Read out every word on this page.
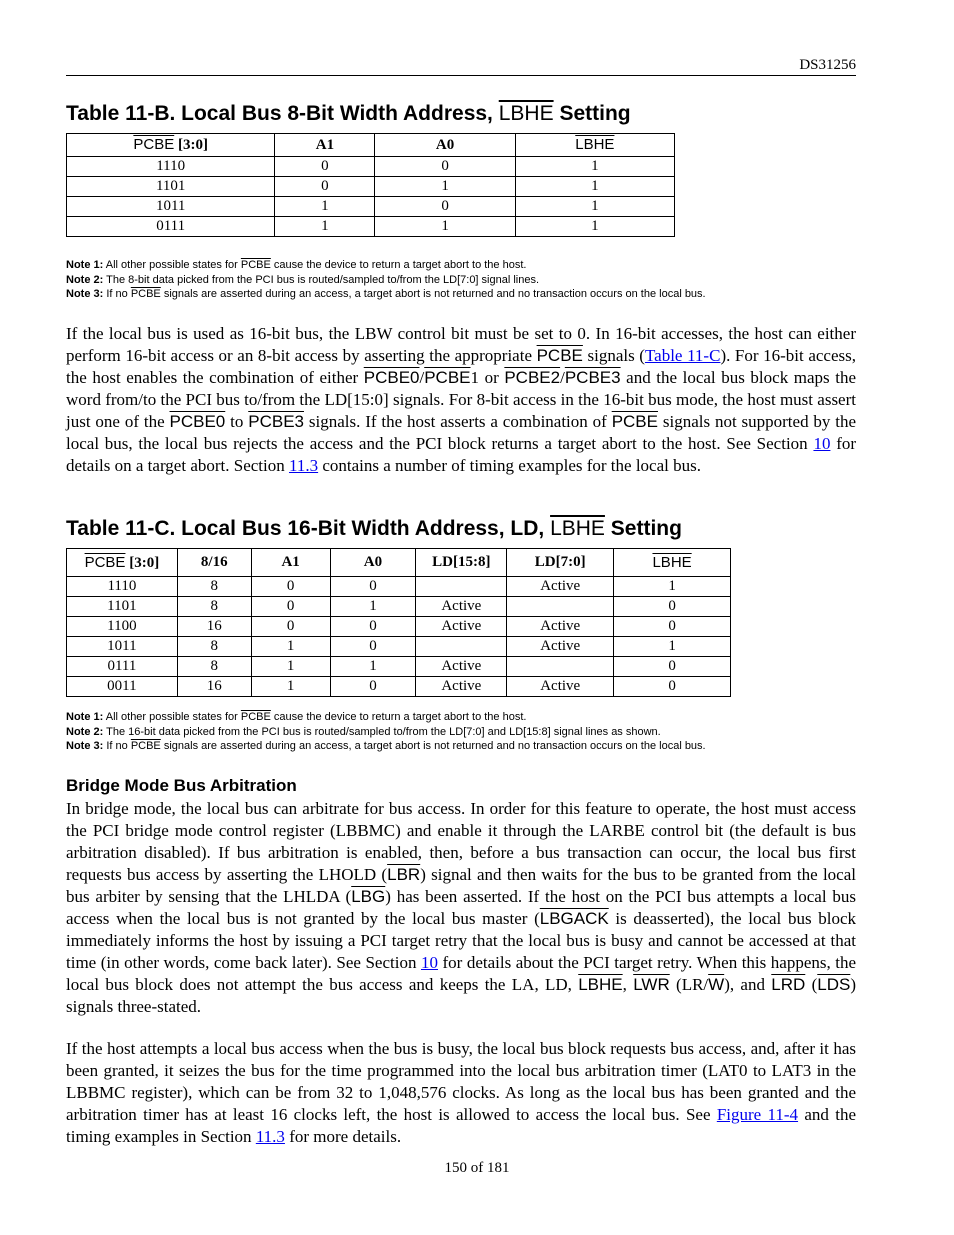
DS31256
Table 11-B. Local Bus 8-Bit Width Address, LBHE Setting
PCBE [3:0]	A1	A0	LBHE
1110	0	0	1
1101	0	1	1
1011	1	0	1
0111	1	1	1
Note 1: All other possible states for PCBE cause the device to return a target abort to the host.
Note 2: The 8-bit data picked from the PCI bus is routed/sampled to/from the LD[7:0] signal lines.
Note 3: If no PCBE signals are asserted during an access, a target abort is not returned and no transaction occurs on the local bus.

If the local bus is used as 16-bit bus, the LBW control bit must be set to 0. In 16-bit accesses, the host can either perform 16-bit access or an 8-bit access by asserting the appropriate PCBE signals (Table 11-C). For 16-bit access, the host enables the combination of either PCBE0/PCBE1 or PCBE2/PCBE3 and the local bus block maps the word from/to the PCI bus to/from the LD[15:0] signals. For 8-bit access in the 16-bit bus mode, the host must assert just one of the PCBE0 to PCBE3 signals. If the host asserts a combination of PCBE signals not supported by the local bus, the local bus rejects the access and the PCI block returns a target abort to the host. See Section 10 for details on a target abort. Section 11.3 contains a number of timing examples for the local bus.

Table 11-C. Local Bus 16-Bit Width Address, LD, LBHE Setting
PCBE [3:0]	8/16	A1	A0	LD[15:8]	LD[7:0]	LBHE
1110	8	0	0		Active	1
1101	8	0	1	Active		0
1100	16	0	0	Active	Active	0
1011	8	1	0		Active	1
0111	8	1	1	Active		0
0011	16	1	0	Active	Active	0
Note 1: All other possible states for PCBE cause the device to return a target abort to the host.
Note 2: The 16-bit data picked from the PCI bus is routed/sampled to/from the LD[7:0] and LD[15:8] signal lines as shown.
Note 3: If no PCBE signals are asserted during an access, a target abort is not returned and no transaction occurs on the local bus.
Bridge Mode Bus Arbitration

In bridge mode, the local bus can arbitrate for bus access. In order for this feature to operate, the host must access the PCI bridge mode control register (LBBMC) and enable it through the LARBE control bit (the default is bus arbitration disabled). If bus arbitration is enabled, then, before a bus transaction can occur, the local bus first requests bus access by asserting the LHOLD $(\overline{LBR})$ signal and then waits for the bus to be granted from the local bus arbiter by sensing that the LHLDA $(\overline{LBG})$ has been asserted. If the host on the PCI bus attempts a local bus access when the local bus is not granted by the local bus master (LBGACK is deasserted), the local bus block immediately informs the host by issuing a PCI target retry that the local bus is busy and cannot be accessed at that time (in other words, come back later). See Section 10 for details about the PCI target retry. When this happens, the local bus block does not attempt the bus access and keeps the LA, LD, LBHE, $\overline{LWR}$ $(LR/\overline{W})$, and $\overline{LRD}$ $(\overline{LDS})$ signals three-stated.

If the host attempts a local bus access when the bus is busy, the local bus block requests bus access, and, after it has been granted, it seizes the bus for the time programmed into the local bus arbitration timer (LAT0 to LAT3 in the LBBMC register), which can be from 32 to 1,048,576 clocks. As long as the local bus has been granted and the arbitration timer has at least 16 clocks left, the host is allowed to access the local bus. See Figure 11-4 and the timing examples in Section 11.3 for more details.

150 of 181
